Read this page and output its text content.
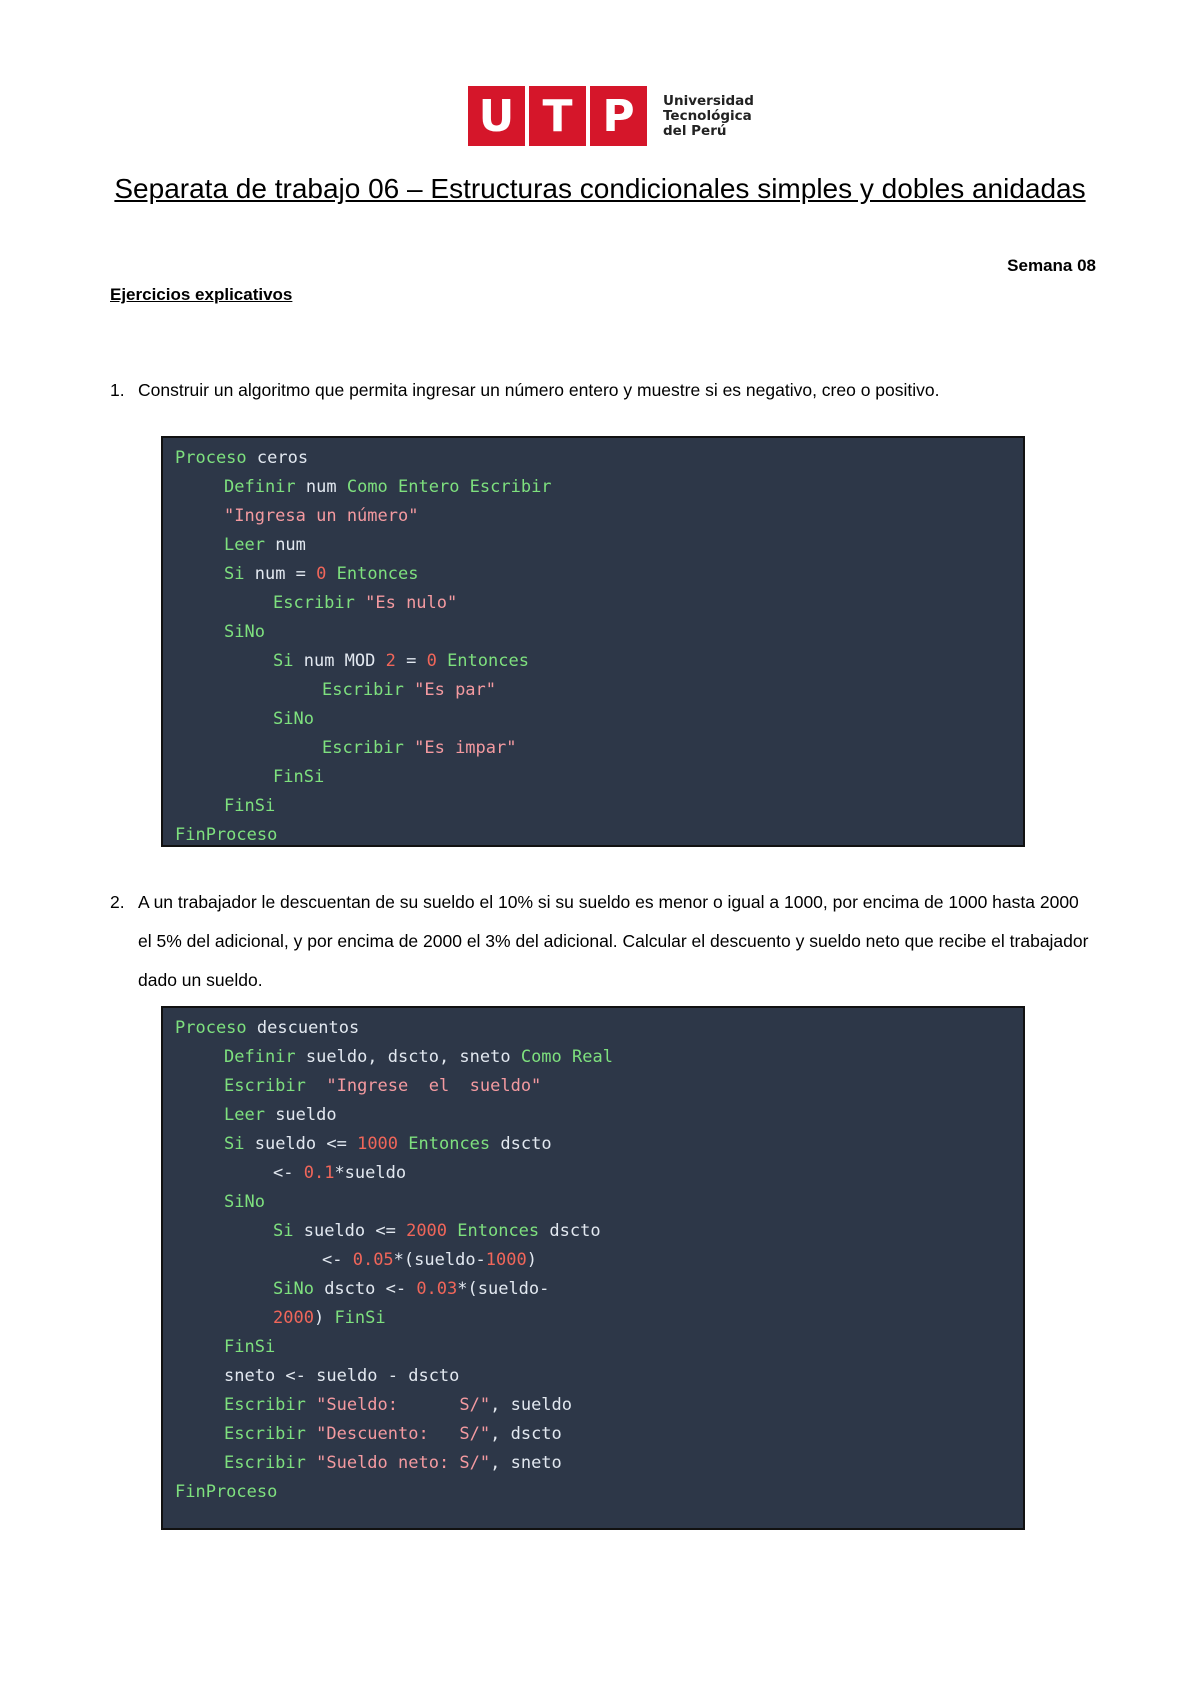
U T P	Universidad
Tecnológica
del Perú
Separata de trabajo 06 – Estructuras condicionales simples y dobles anidadas
Semana 08
Ejercicios explicativos
1. Construir un algoritmo que permita ingresar un número entero y muestre si es negativo, creo o positivo.
Proceso ceros
Definir num Como Entero Escribir
"Ingresa un número"
Leer num
Si num = 0 Entonces
Escribir "Es nulo"
SiNo
Si num MOD 2 = 0 Entonces
Escribir "Es par"
SiNo
Escribir "Es impar"
FinSi
FinSi
FinProceso
2. A un trabajador le descuentan de su sueldo el 10% si su sueldo es menor o igual a 1000, por encima de 1000 hasta 2000 el 5% del adicional, y por encima de 2000 el 3% del adicional. Calcular el descuento y sueldo neto que recibe el trabajador dado un sueldo.
Proceso descuentos
Definir sueldo, dscto, sneto Como Real
Escribir "Ingrese  el  sueldo"
Leer sueldo
Si sueldo <= 1000 Entonces dscto
<- 0.1 *sueldo
SiNo
Si sueldo <= 2000 Entonces dscto
<- 0.05 *(sueldo- 1000 )
SiNo dscto <- 0.03 *(sueldo-
2000 ) FinSi
FinSi
sneto <- sueldo - dscto
Escribir "Sueldo:      S/" , sueldo
Escribir "Descuento:   S/" , dscto
Escribir "Sueldo neto: S/" , sneto
FinProceso
